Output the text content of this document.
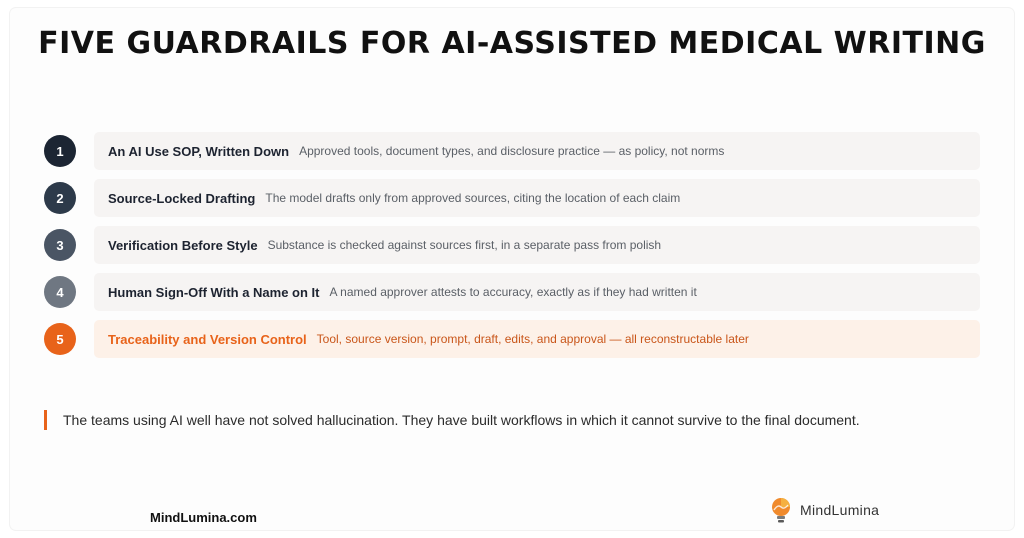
FIVE GUARDRAILS FOR AI-ASSISTED MEDICAL WRITING
1	An AI Use SOP, Written Down Approved tools, document types, and disclosure practice — as policy, not norms
2	Source-Locked Drafting The model drafts only from approved sources, citing the location of each claim
3	Verification Before Style Substance is checked against sources first, in a separate pass from polish
4	Human Sign-Off With a Name on It A named approver attests to accuracy, exactly as if they had written it
5	Traceability and Version Control Tool, source version, prompt, draft, edits, and approval — all reconstructable later

The teams using AI well have not solved hallucination. They have built workflows in which it cannot survive to the final document.

MindLumina.com	MindLumina
